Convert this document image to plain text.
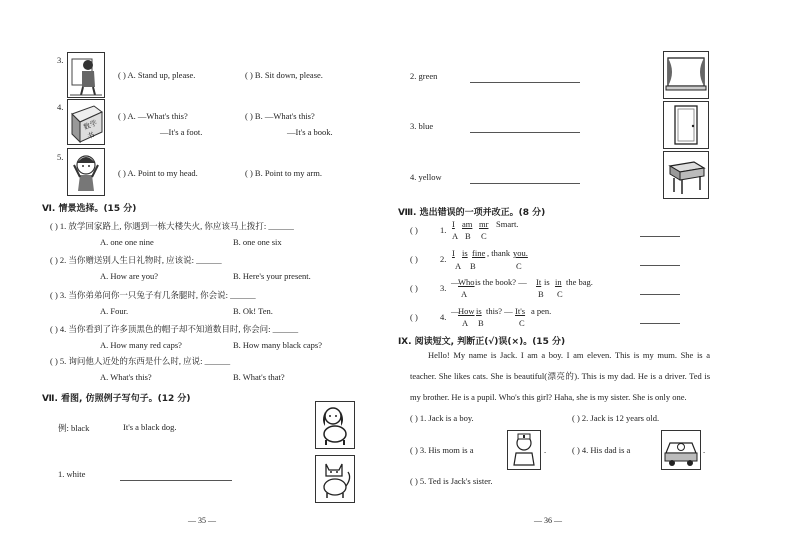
3.
( ) A. Stand up, please.	( ) B. Sit down, please.
4.
数学书
( ) A. —What's this?
—It's a foot.
( ) B. —What's this?
—It's a book.
5.
( ) A. Point to my head.	( ) B. Point to my arm.
Ⅵ. 情景选择。(15 分)
( ) 1. 放学回家路上, 你遇到一栋大楼失火, 你应该马上拨打: ______
A. one one nine	B. one one six
( ) 2. 当你赠送别人生日礼物时, 应该说: ______
A. How are you?	B. Here's your present.
( ) 3. 当你弟弟问你一只兔子有几条腿时, 你会说: ______
A. Four.	B. Ok! Ten.
( ) 4. 当你看到了许多顶黑色的帽子却不知道数目时, 你会问: ______
A. How many red caps?	B. How many black caps?
( ) 5. 询问他人近处的东西是什么时, 应说: ______
A. What's this?	B. What's that?
Ⅶ. 看图, 仿照例子写句子。(12 分)
例: black	It's a black dog.
1. white
— 35 —
2. green
3. blue
4. yellow
Ⅷ. 选出错误的一项并改正。(8 分)
( )	1.
I am mr Smart.
A B C
( )	2.
I is fine , thank you.
A B	C
( )	3.
—
Who is the book? — It is in the bag.
A	B C
( )	4.
—
How is this? — It's a pen.
A B	C
Ⅸ. 阅读短文, 判断正(√)误(×)。(15 分)
Hello! My name is Jack. I am a boy. I am eleven. This is my mum. She is a teacher. She likes cats. She is beautiful(漂亮的). This is my dad. He is a driver. Ted is my brother. He is a pupil. Who's this girl? Haha, she is my sister. She is only one.
( ) 1. Jack is a boy.	( ) 2. Jack is 12 years old.
( ) 3. His mom is a	.	( ) 4. His dad is a	.
( ) 5. Ted is Jack's sister.
— 36 —
